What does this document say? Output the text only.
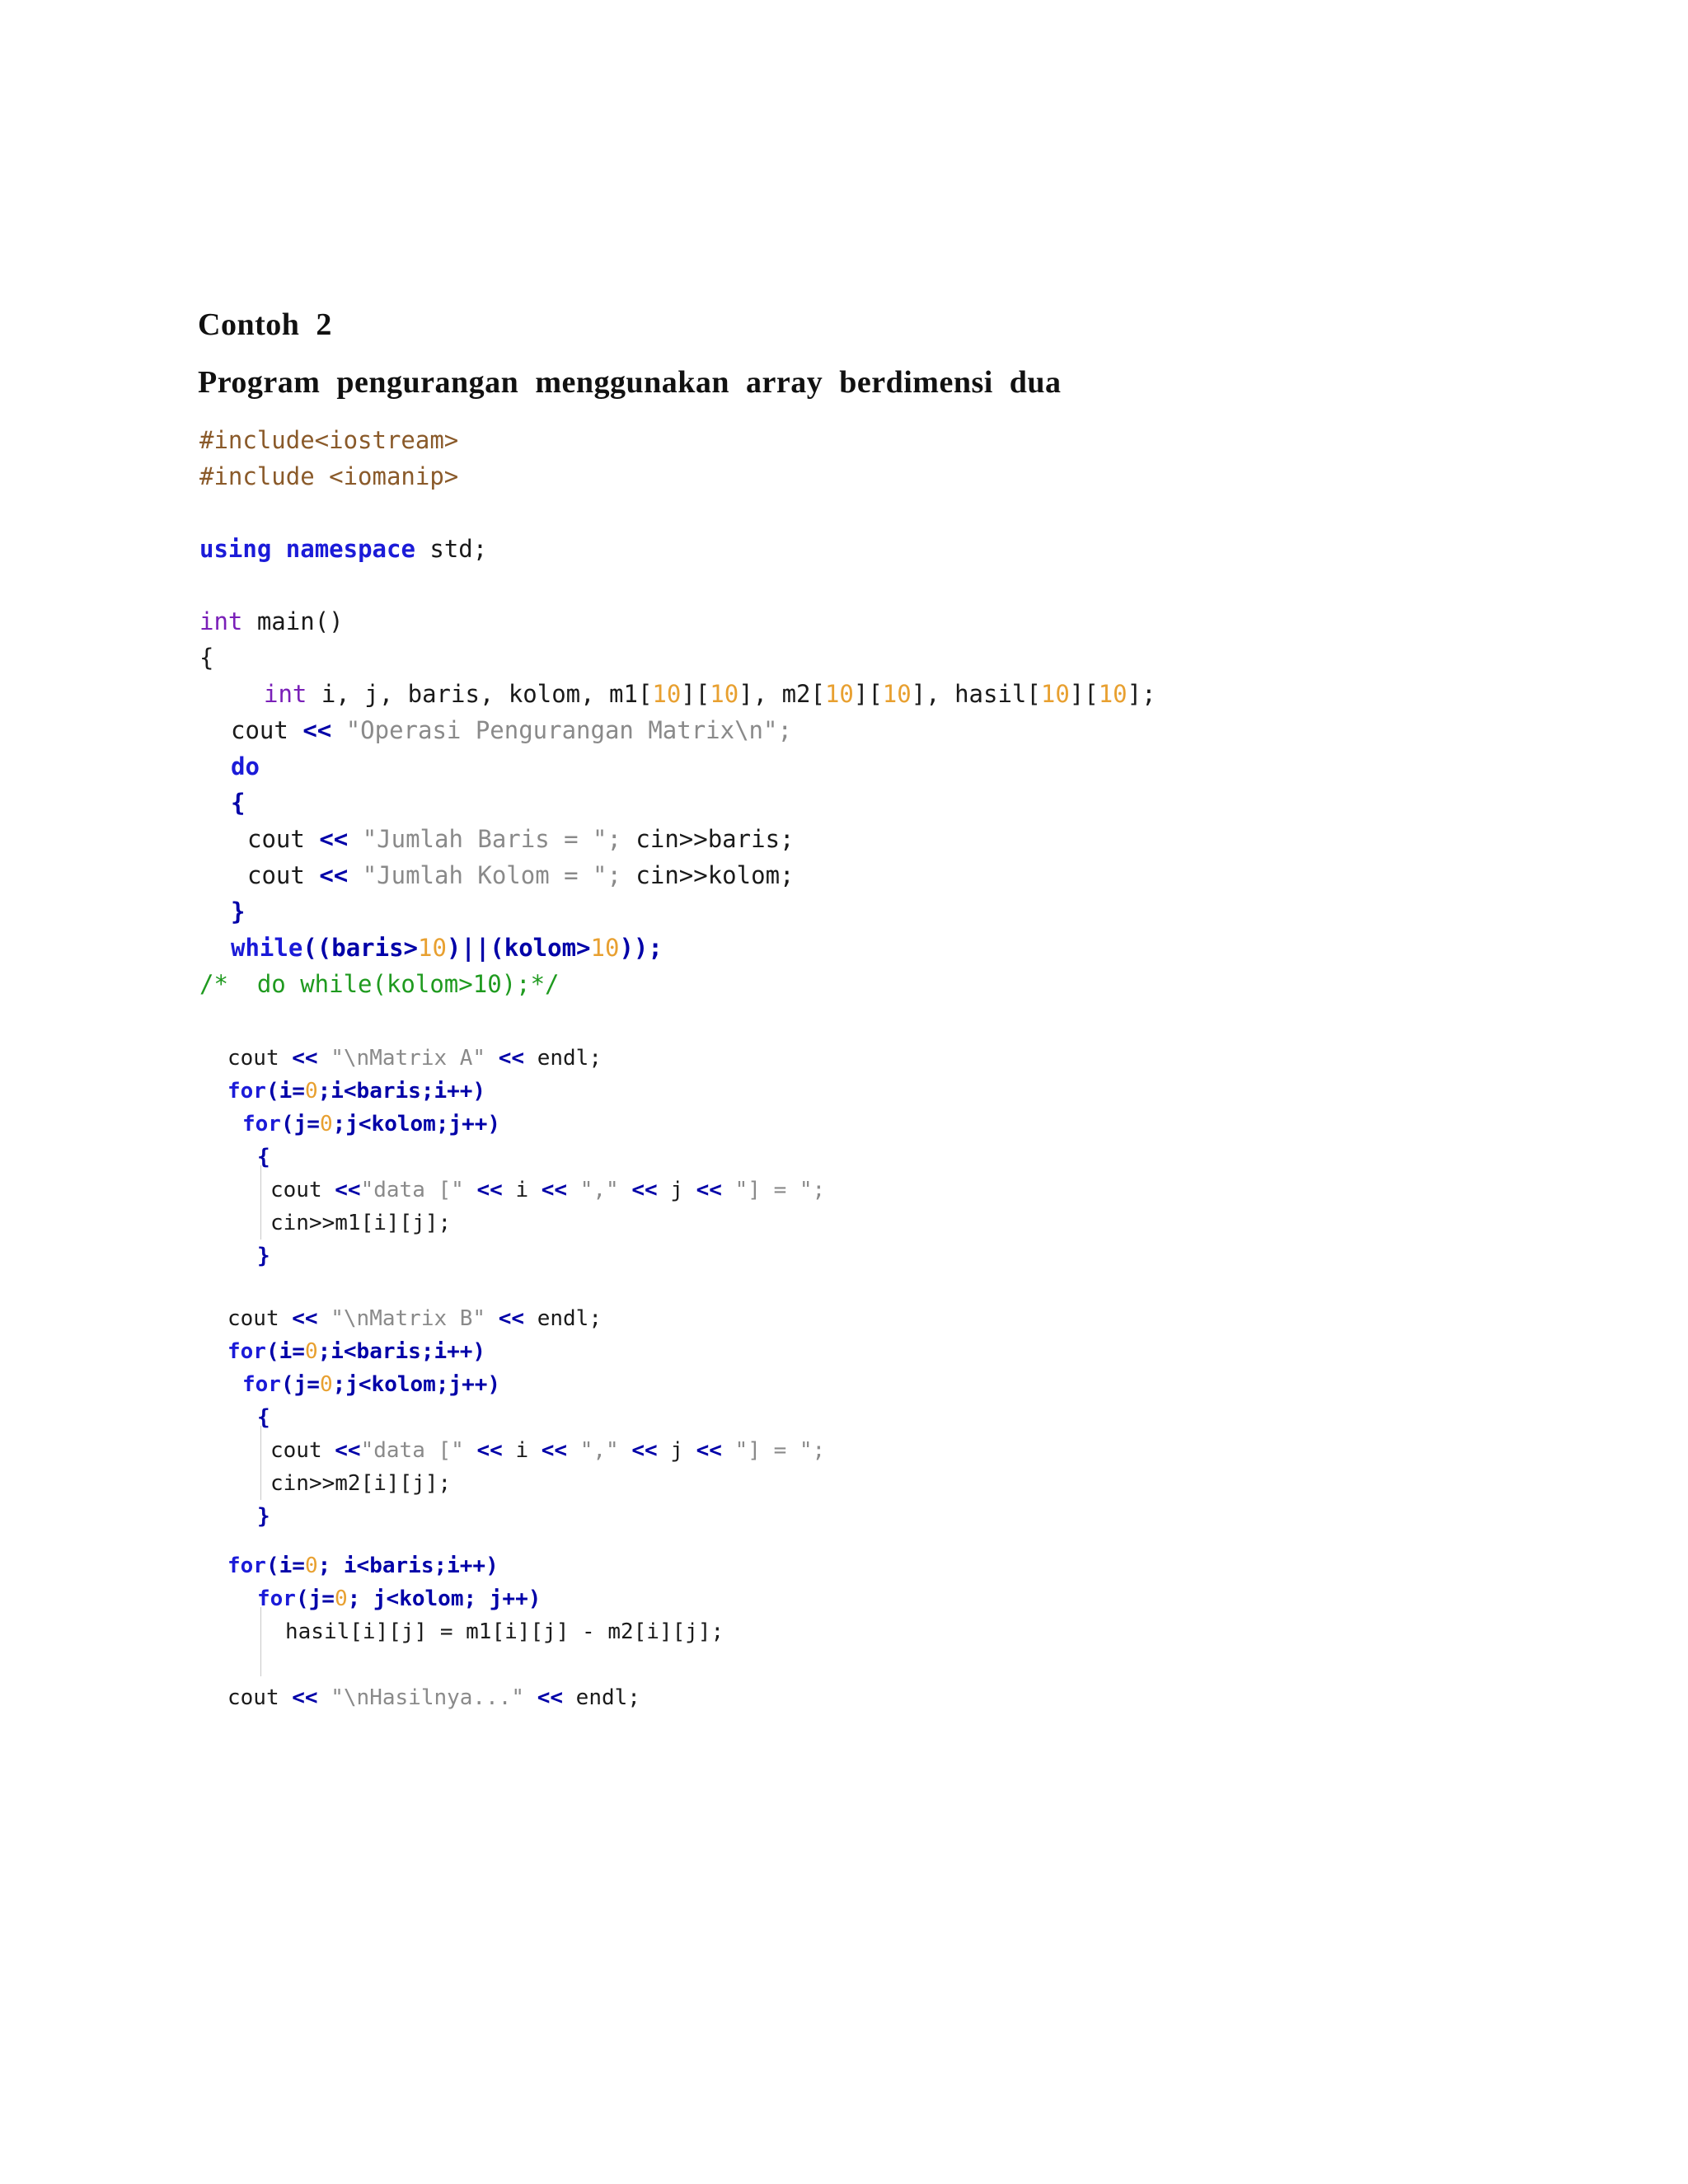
Contoh  2
Program  pengurangan  menggunakan  array  berdimensi  dua

#include<iostream>

#include <iomanip>

using namespace std;

int main()

{

int i, j, baris, kolom, m1[10][10], m2[10][10], hasil[10][10];

cout << "Operasi Pengurangan Matrix\n";

do

{

cout << "Jumlah Baris = "; cin>>baris;

cout << "Jumlah Kolom = "; cin>>kolom;

}

while((baris>10)||(kolom>10));

/*  do while(kolom>10);*/

cout << "\nMatrix A" << endl;

for(i=0;i<baris;i++)

for(j=0;j<kolom;j++)

{

cout <<"data [" << i << "," << j << "] = ";

cin>>m1[i][j];

}

cout << "\nMatrix B" << endl;

for(i=0;i<baris;i++)

for(j=0;j<kolom;j++)

{

cout <<"data [" << i << "," << j << "] = ";

cin>>m2[i][j];

}

for(i=0; i<baris;i++)

for(j=0; j<kolom; j++)

hasil[i][j] = m1[i][j] - m2[i][j];

cout << "\nHasilnya..." << endl;
